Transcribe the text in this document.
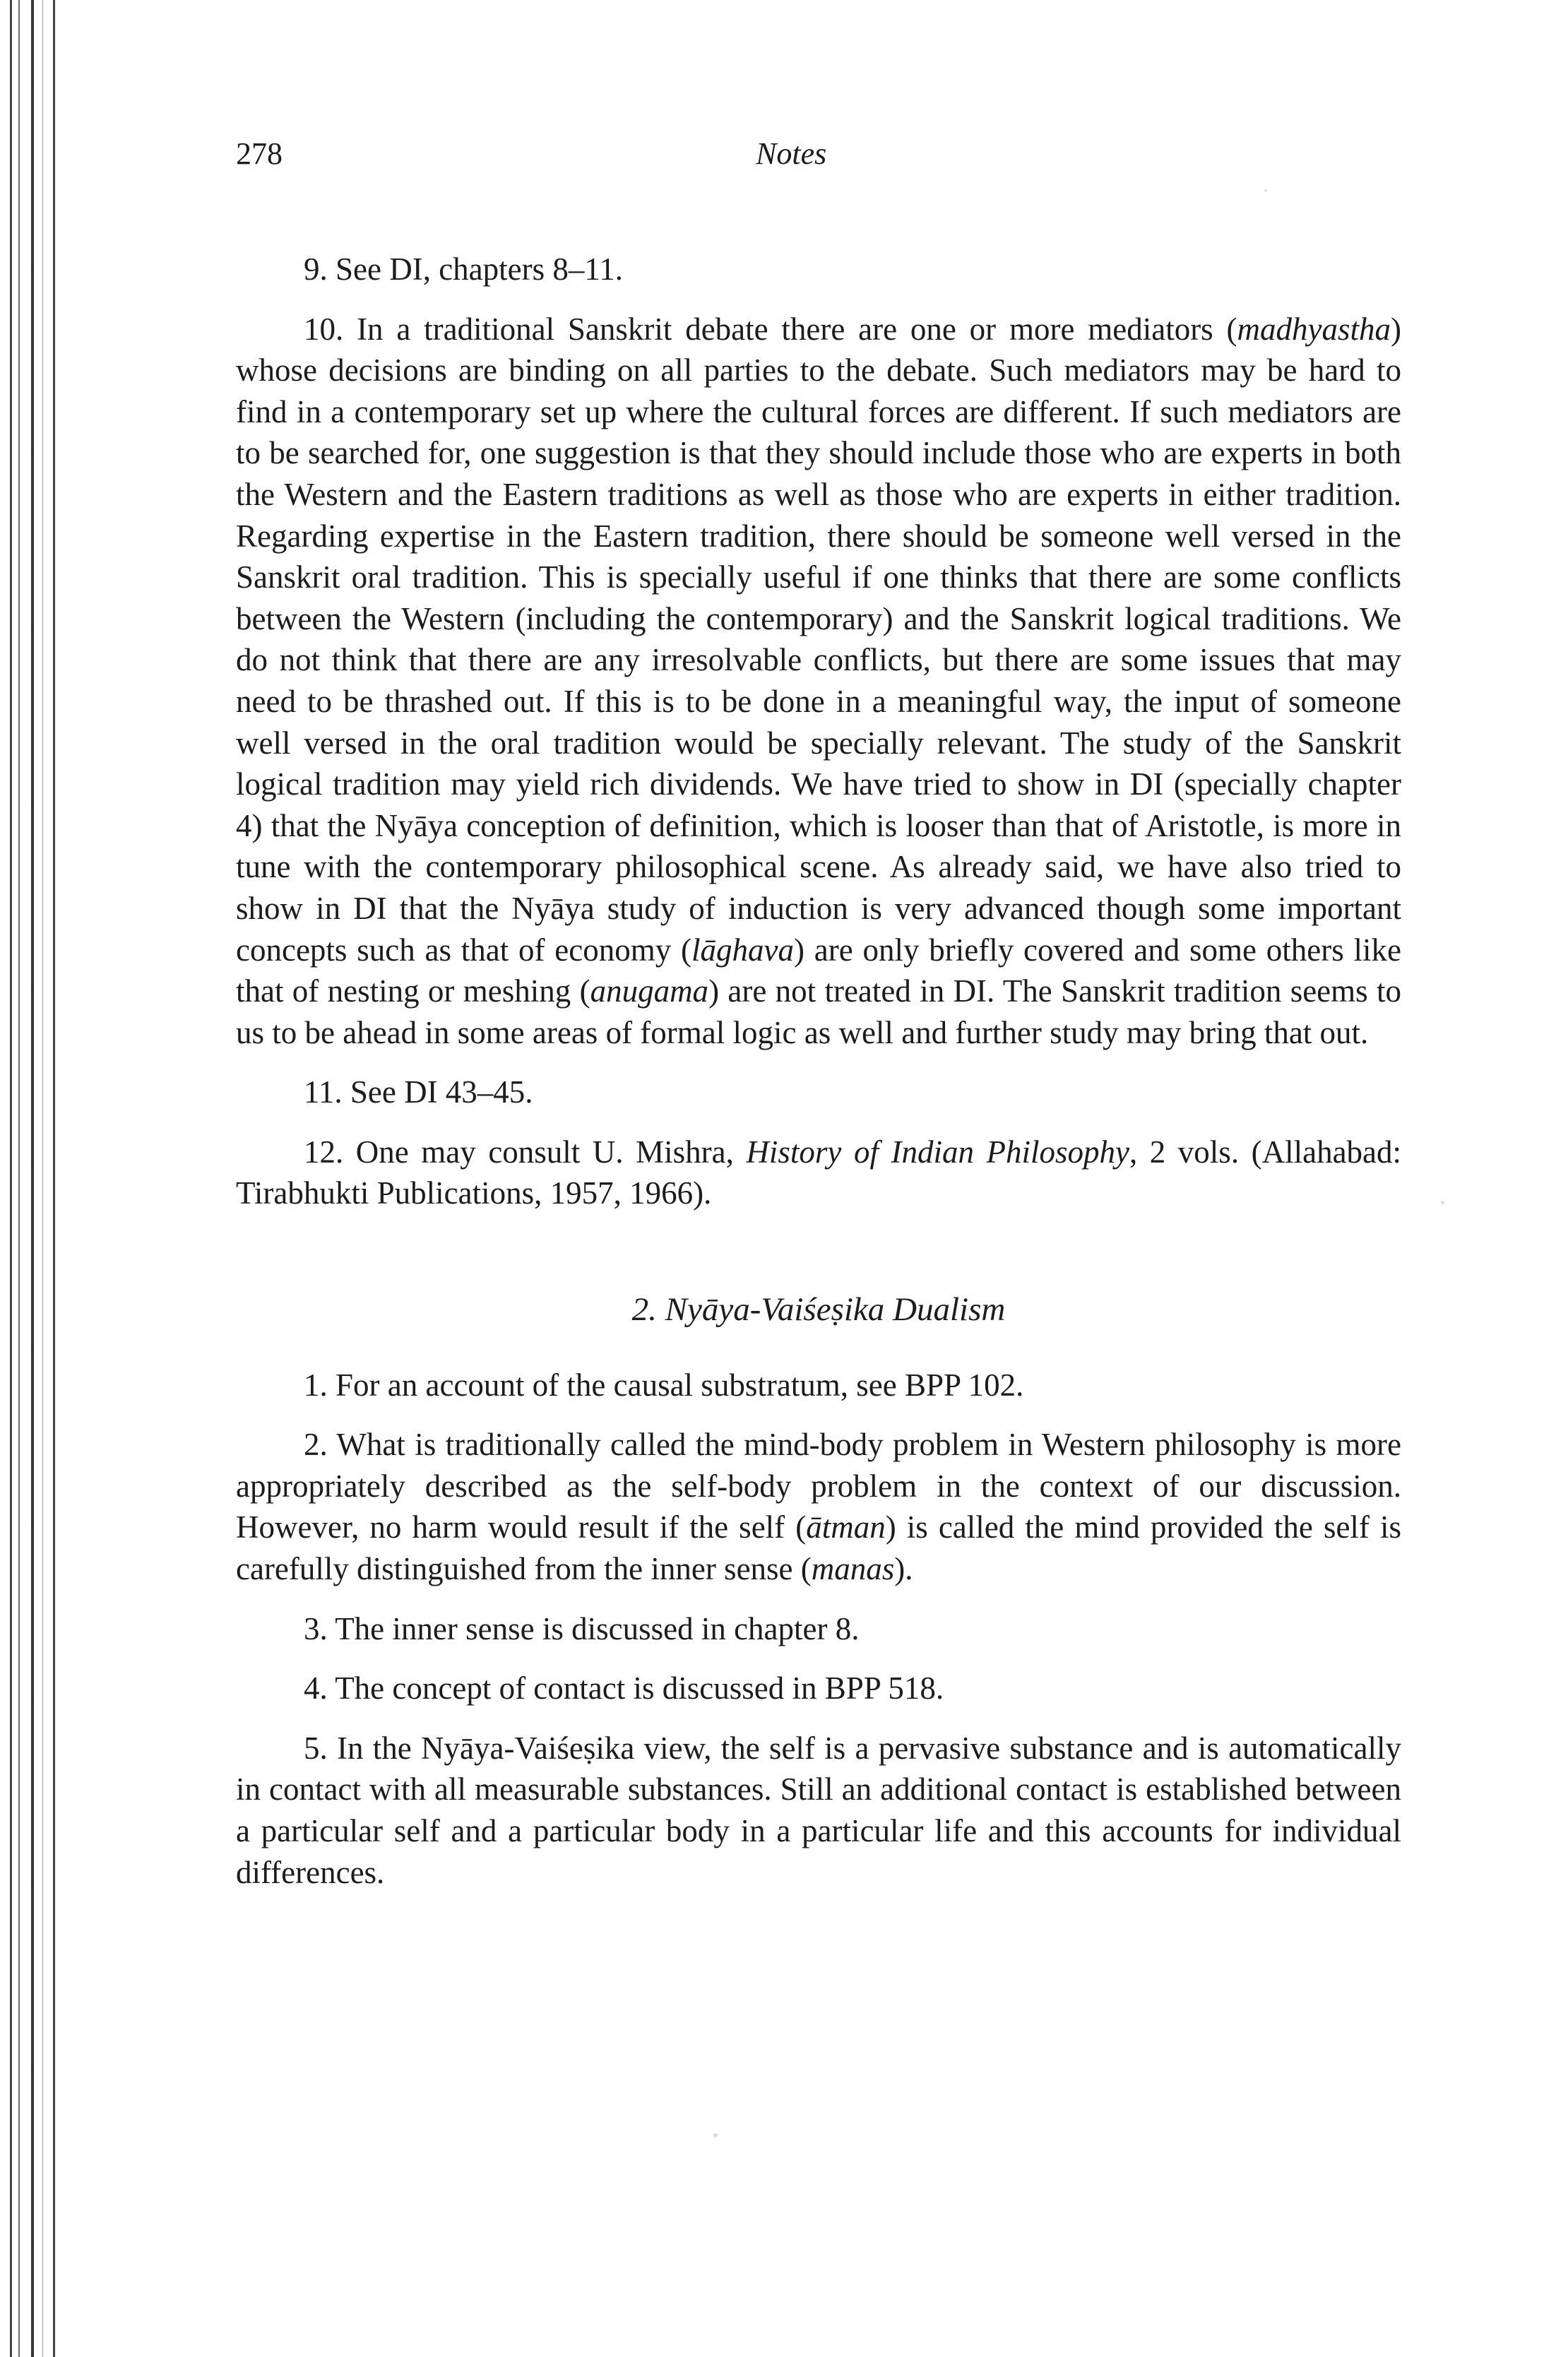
278	Notes

9. See DI, chapters 8–11.

10. In a traditional Sanskrit debate there are one or more mediators (madhyastha) whose decisions are binding on all parties to the debate. Such mediators may be hard to find in a contemporary set up where the cultural forces are different. If such mediators are to be searched for, one suggestion is that they should include those who are experts in both the Western and the Eastern traditions as well as those who are experts in either tradition. Regarding expertise in the Eastern tradition, there should be someone well versed in the Sanskrit oral tradition. This is specially useful if one thinks that there are some conflicts between the Western (including the contemporary) and the Sanskrit logical traditions. We do not think that there are any irresolvable conflicts, but there are some issues that may need to be thrashed out. If this is to be done in a meaningful way, the input of someone well versed in the oral tradition would be specially relevant. The study of the Sanskrit logical tradition may yield rich dividends. We have tried to show in DI (specially chapter 4) that the Nyāya conception of definition, which is looser than that of Aristotle, is more in tune with the contemporary philosophical scene. As already said, we have also tried to show in DI that the Nyāya study of induction is very advanced though some important concepts such as that of economy (lāghava) are only briefly covered and some others like that of nesting or meshing (anugama) are not treated in DI. The Sanskrit tradition seems to us to be ahead in some areas of formal logic as well and further study may bring that out.

11. See DI 43–45.

12. One may consult U. Mishra, History of Indian Philosophy, 2 vols. (Allahabad: Tirabhukti Publications, 1957, 1966).

2. Nyāya-Vaiśeṣika Dualism

1. For an account of the causal substratum, see BPP 102.

2. What is traditionally called the mind-body problem in Western philosophy is more appropriately described as the self-body problem in the context of our discussion. However, no harm would result if the self (ātman) is called the mind provided the self is carefully distinguished from the inner sense (manas).

3. The inner sense is discussed in chapter 8.

4. The concept of contact is discussed in BPP 518.

5. In the Nyāya-Vaiśeṣika view, the self is a pervasive substance and is automatically in contact with all measurable substances. Still an additional contact is established between a particular self and a particular body in a particular life and this accounts for individual differences.
